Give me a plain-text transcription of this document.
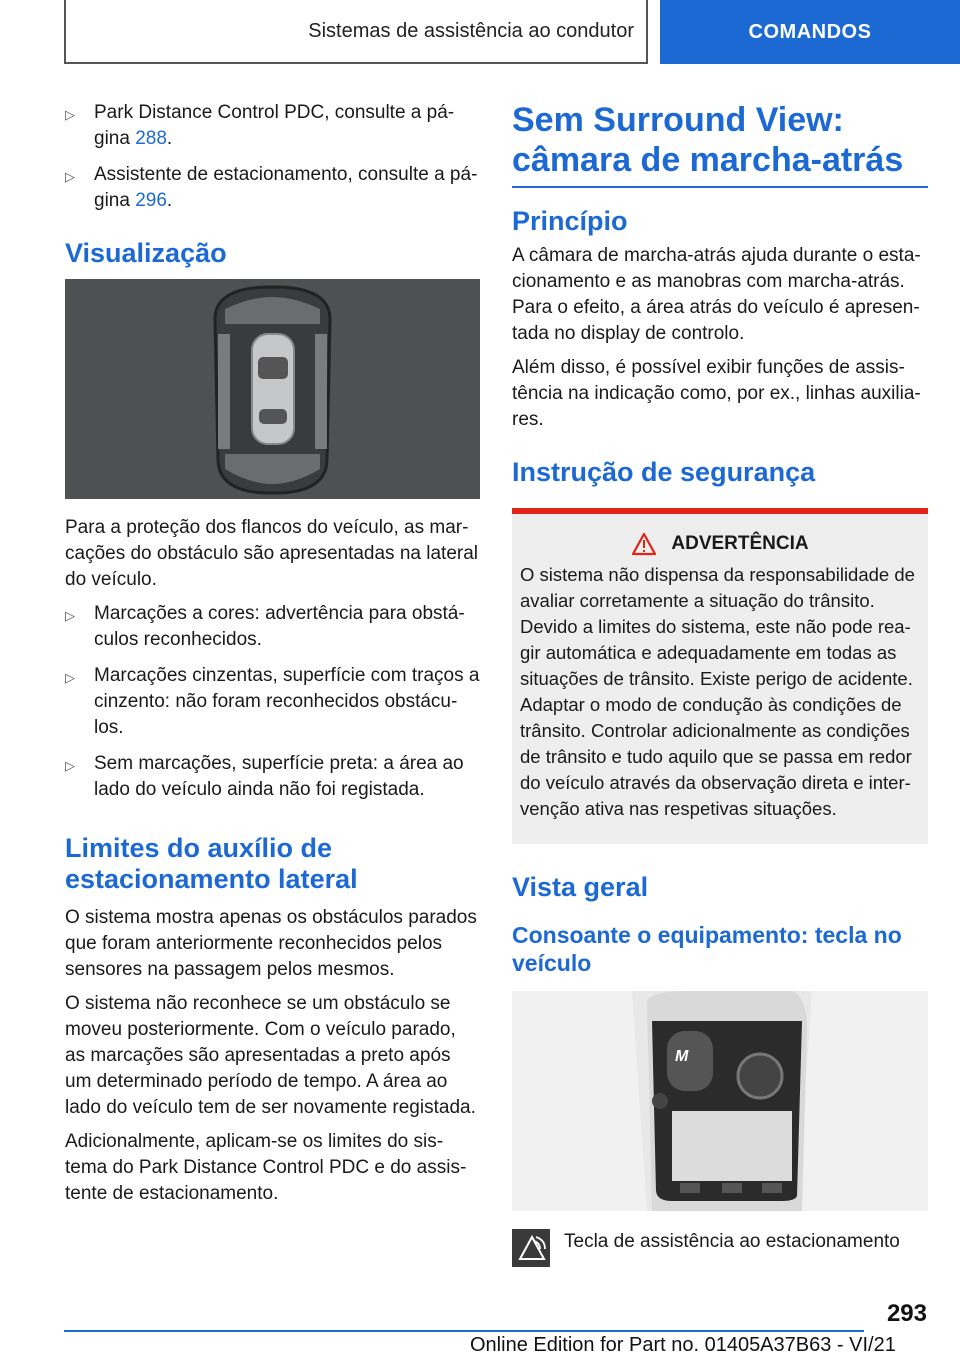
Sistemas de assistência ao condutor	COMANDOS
▷	Park Distance Control PDC, consulte a pá-gina 288.
▷	Assistente de estacionamento, consulte a pá-gina 296.
Visualização

Para a proteção dos flancos do veículo, as mar-cações do obstáculo são apresentadas na lateral do veículo.

▷	Marcações a cores: advertência para obstá-culos reconhecidos.
▷	Marcações cinzentas, superfície com traços a cinzento: não foram reconhecidos obstácu-los.
▷	Sem marcações, superfície preta: a área ao lado do veículo ainda não foi registada.
Limites do auxílio de estacionamento lateral

O sistema mostra apenas os obstáculos parados que foram anteriormente reconhecidos pelos sensores na passagem pelos mesmos.

O sistema não reconhece se um obstáculo se moveu posteriormente. Com o veículo parado, as marcações são apresentadas a preto após um determinado período de tempo. A área ao lado do veículo tem de ser novamente registada.

Adicionalmente, aplicam-se os limites do sis-tema do Park Distance Control PDC e do assis-tente de estacionamento.

Sem Surround View: câmara de marcha-atrás
Princípio

A câmara de marcha-atrás ajuda durante o esta-cionamento e as manobras com marcha-atrás. Para o efeito, a área atrás do veículo é apresen-tada no display de controlo.

Além disso, é possível exibir funções de assis-tência na indicação como, por ex., linhas auxilia-res.

Instrução de segurança
ADVERTÊNCIA

O sistema não dispensa da responsabilidade de avaliar corretamente a situação do trânsito. Devido a limites do sistema, este não pode rea-gir automática e adequadamente em todas as situações de trânsito. Existe perigo de acidente. Adaptar o modo de condução às condições de trânsito. Controlar adicionalmente as condições de trânsito e tudo aquilo que se passa em redor do veículo através da observação direta e inter-venção ativa nas respetivas situações.

Vista geral
Consoante o equipamento: tecla no veículo
M
Tecla de assistência ao estacionamento
293
Online Edition for Part no. 01405A37B63 - VI/21
